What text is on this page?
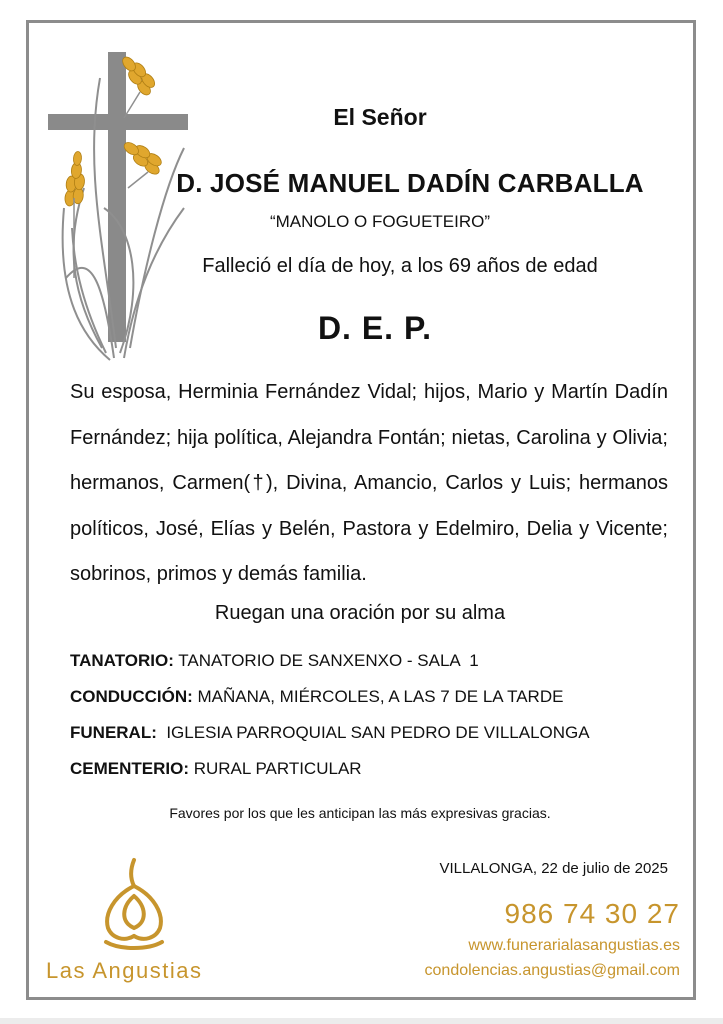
El Señor
D. JOSÉ MANUEL DADÍN CARBALLA
“MANOLO O FOGUETEIRO”
Falleció el día de hoy, a los 69 años de edad
D. E. P.
Su esposa, Herminia Fernández Vidal; hijos, Mario y Martín Dadín Fernández; hija política, Alejandra Fontán; nietas, Carolina y Olivia; hermanos, Carmen(†), Divina, Amancio, Carlos y Luis; hermanos políticos, José, Elías y Belén, Pastora y Edelmiro, Delia y Vicente; sobrinos, primos y demás familia.
Ruegan una oración por su alma
TANATORIO: TANATORIO DE SANXENXO - SALA  1
CONDUCCIÓN: MAÑANA, MIÉRCOLES, A LAS 7 DE LA TARDE
FUNERAL:  IGLESIA PARROQUIAL SAN PEDRO DE VILLALONGA
CEMENTERIO: RURAL PARTICULAR
Favores por los que les anticipan las más expresivas gracias.
VILLALONGA, 22 de julio de 2025
Las Angustias
986 74 30 27
www.funerarialasangustias.es
condolencias.angustias@gmail.com
